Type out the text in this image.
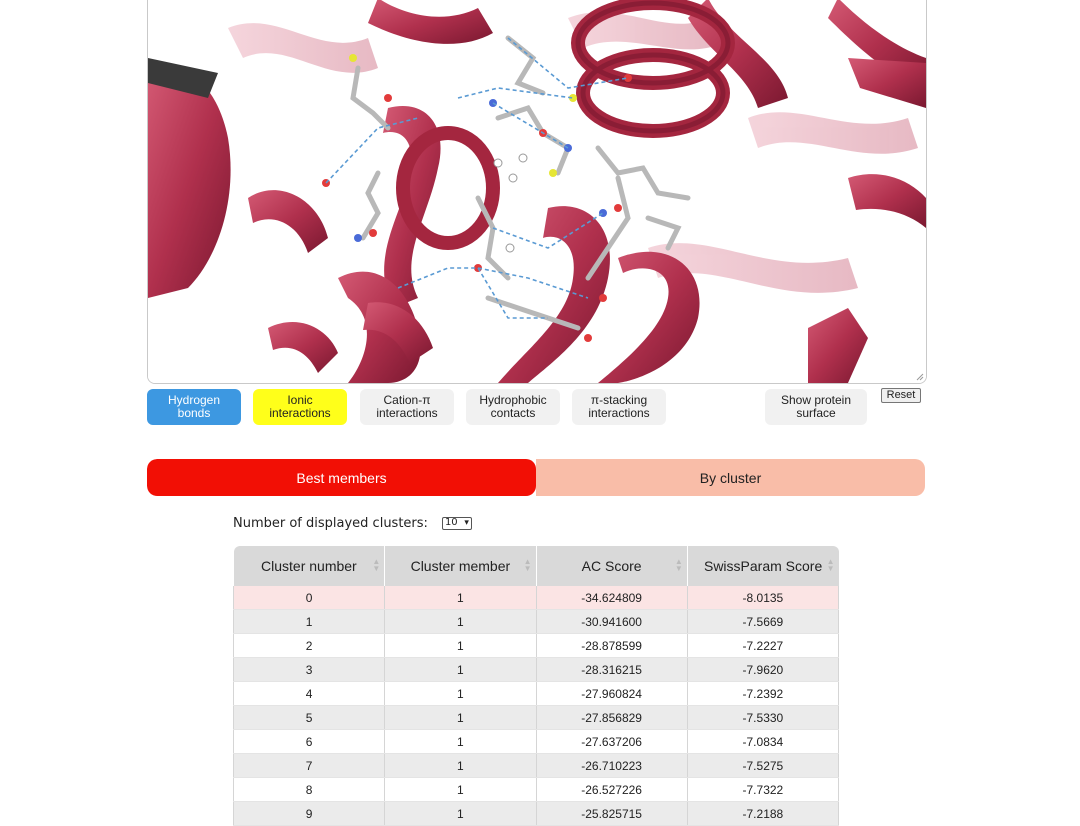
Hydrogen bonds
Ionic interactions
Cation-π interactions
Hydrophobic contacts
π-stacking interactions
Show protein surface
Reset
Best members	By cluster
Number of displayed clusters: 10 ▾
Cluster number ▲
▼	Cluster member ▲
▼	AC Score ▲
▼	SwissParam Score ▲
▼

0	1	-34.624809	-8.0135
1	1	-30.941600	-7.5669
2	1	-28.878599	-7.2227
3	1	-28.316215	-7.9620
4	1	-27.960824	-7.2392
5	1	-27.856829	-7.5330
6	1	-27.637206	-7.0834
7	1	-26.710223	-7.5275
8	1	-26.527226	-7.7322
9	1	-25.825715	-7.2188
